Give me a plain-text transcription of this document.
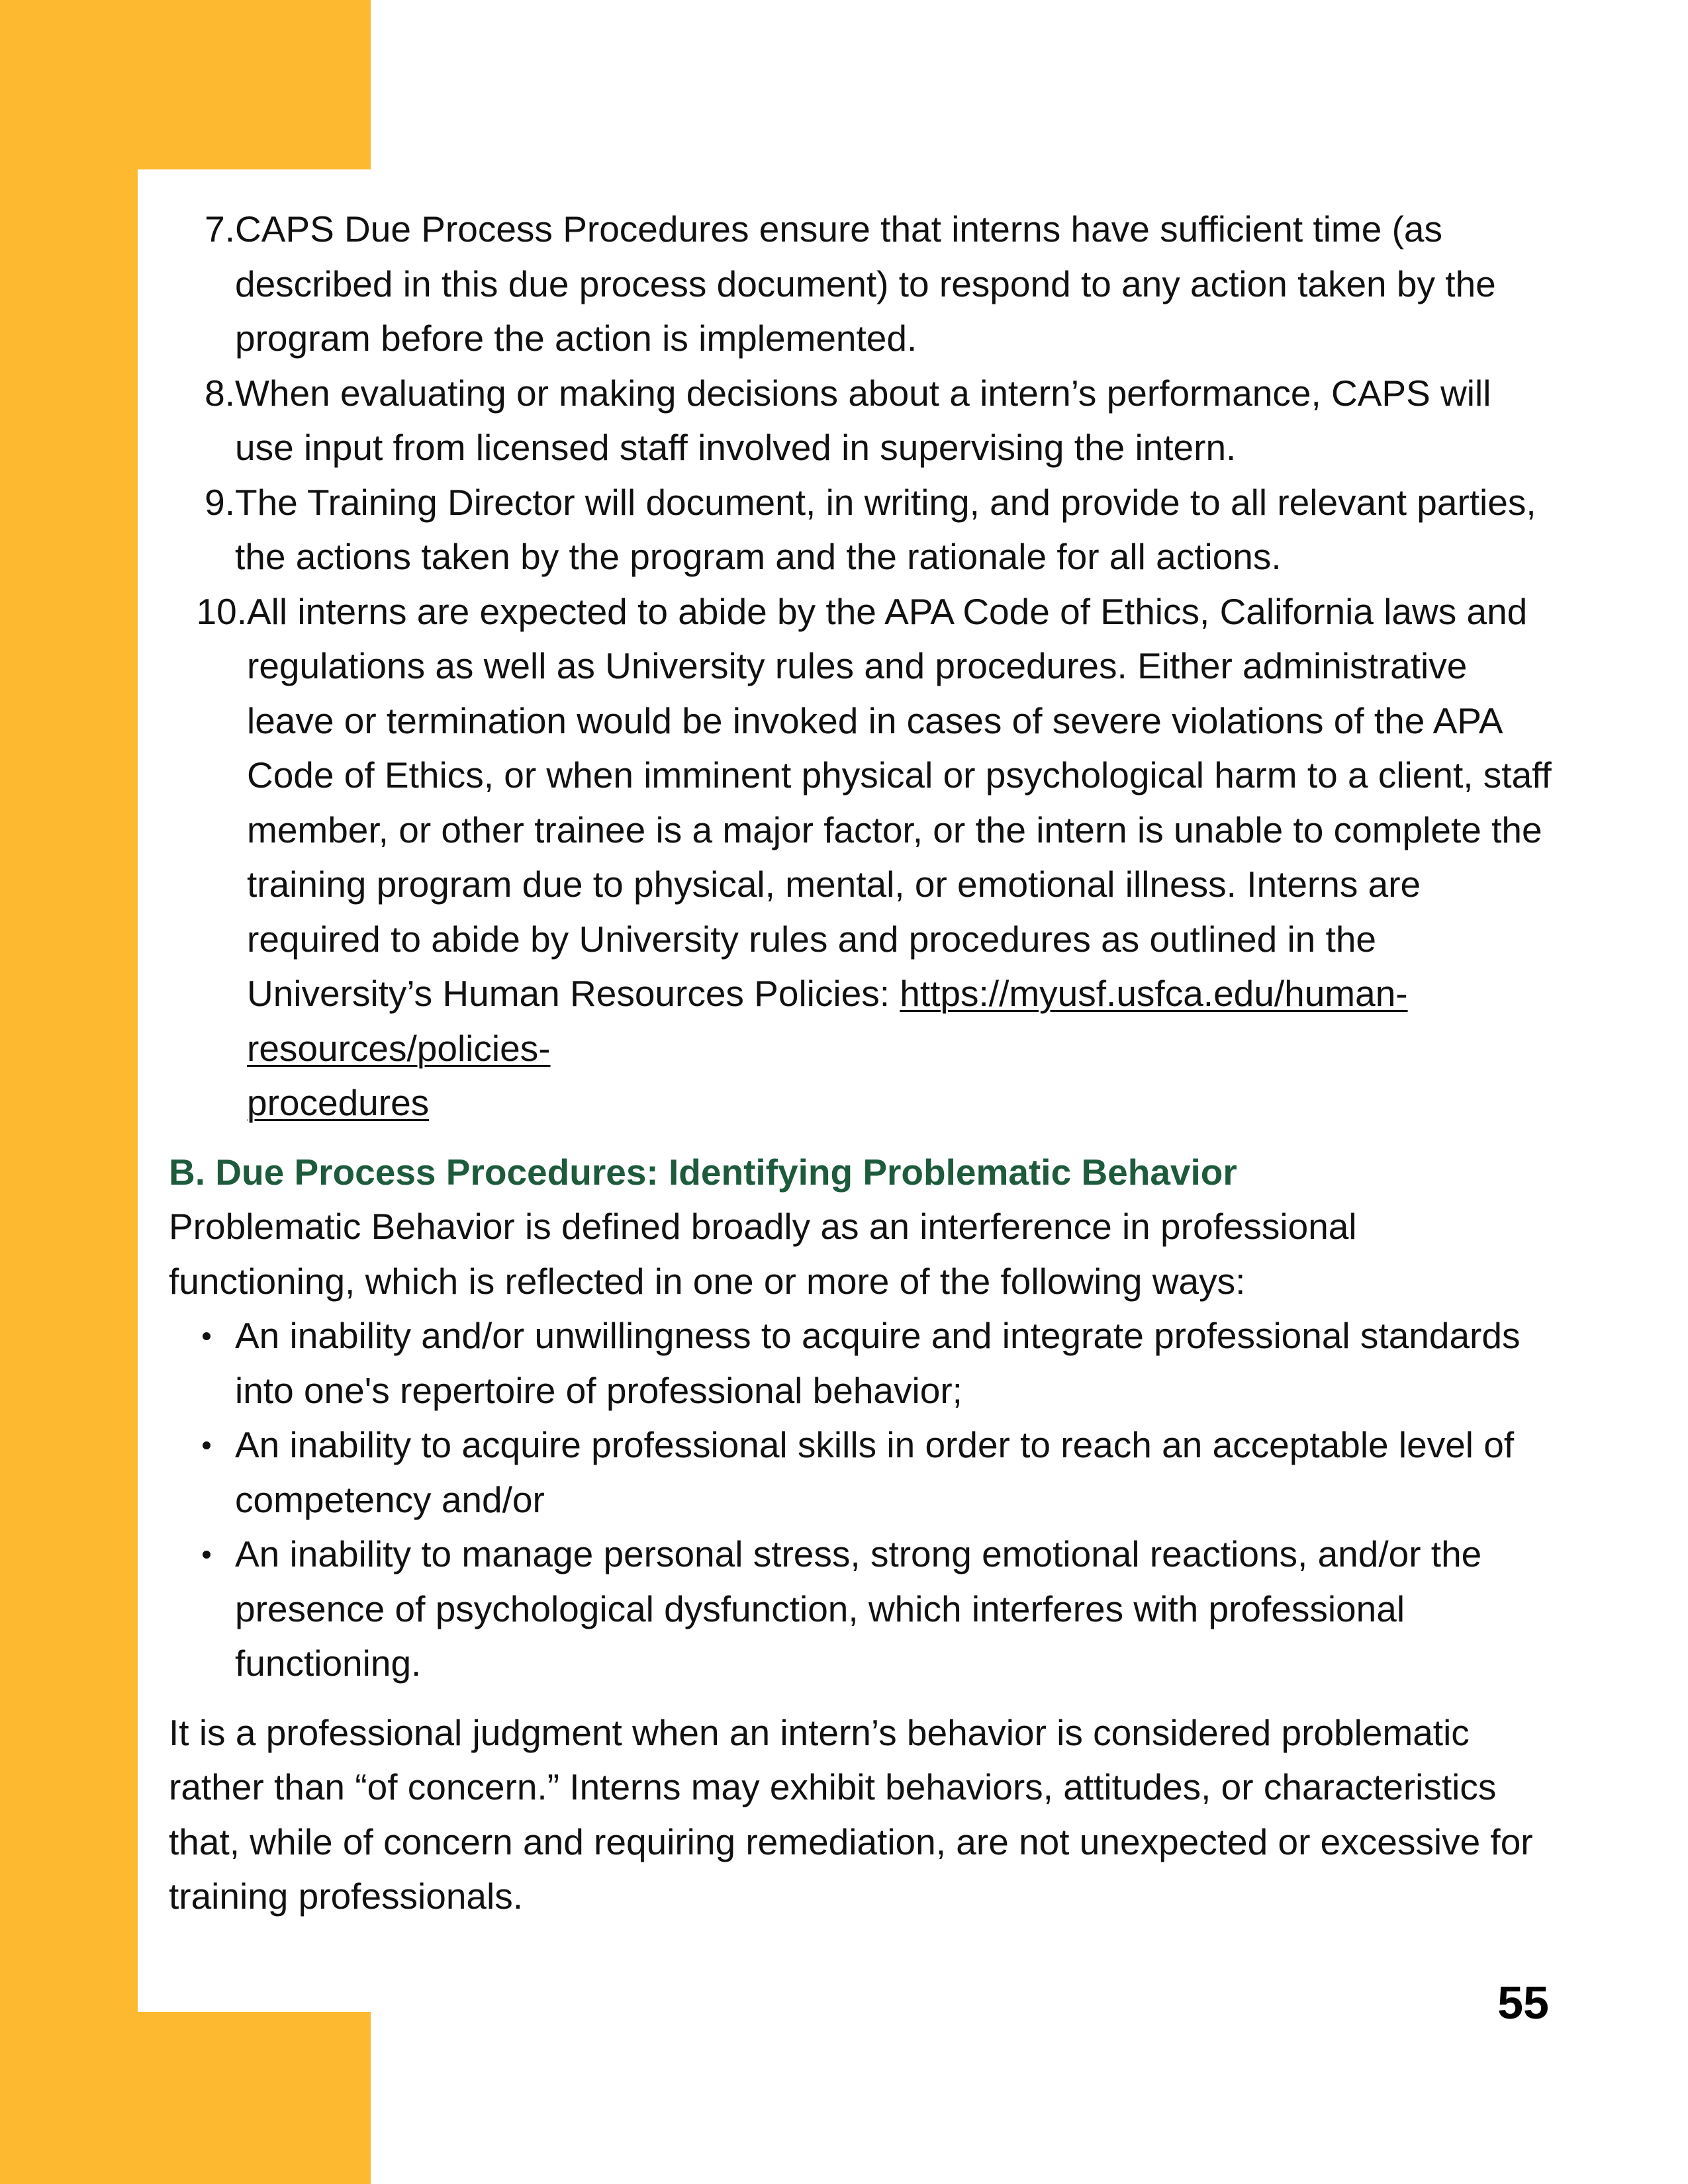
7. CAPS Due Process Procedures ensure that interns have sufficient time (as described in this due process document) to respond to any action taken by the program before the action is implemented.
8. When evaluating or making decisions about a intern’s performance, CAPS will use input from licensed staff involved in supervising the intern.
9. The Training Director will document, in writing, and provide to all relevant parties, the actions taken by the program and the rationale for all actions.
10. All interns are expected to abide by the APA Code of Ethics, California laws and regulations as well as University rules and procedures. Either administrative leave or termination would be invoked in cases of severe violations of the APA Code of Ethics, or when imminent physical or psychological harm to a client, staff member, or other trainee is a major factor, or the intern is unable to complete the training program due to physical, mental, or emotional illness. Interns are required to abide by University rules and procedures as outlined in the University’s Human Resources Policies: https://myusf.usfca.edu/human-resources/policies-
procedures
B. Due Process Procedures: Identifying Problematic Behavior

Problematic Behavior is defined broadly as an interference in professional functioning, which is reflected in one or more of the following ways:

An inability and/or unwillingness to acquire and integrate professional standards into one's repertoire of professional behavior;
An inability to acquire professional skills in order to reach an acceptable level of competency and/or
An inability to manage personal stress, strong emotional reactions, and/or the presence of psychological dysfunction, which interferes with professional functioning.

It is a professional judgment when an intern’s behavior is considered problematic rather than “of concern.” Interns may exhibit behaviors, attitudes, or characteristics that, while of concern and requiring remediation, are not unexpected or excessive for training professionals.

55
